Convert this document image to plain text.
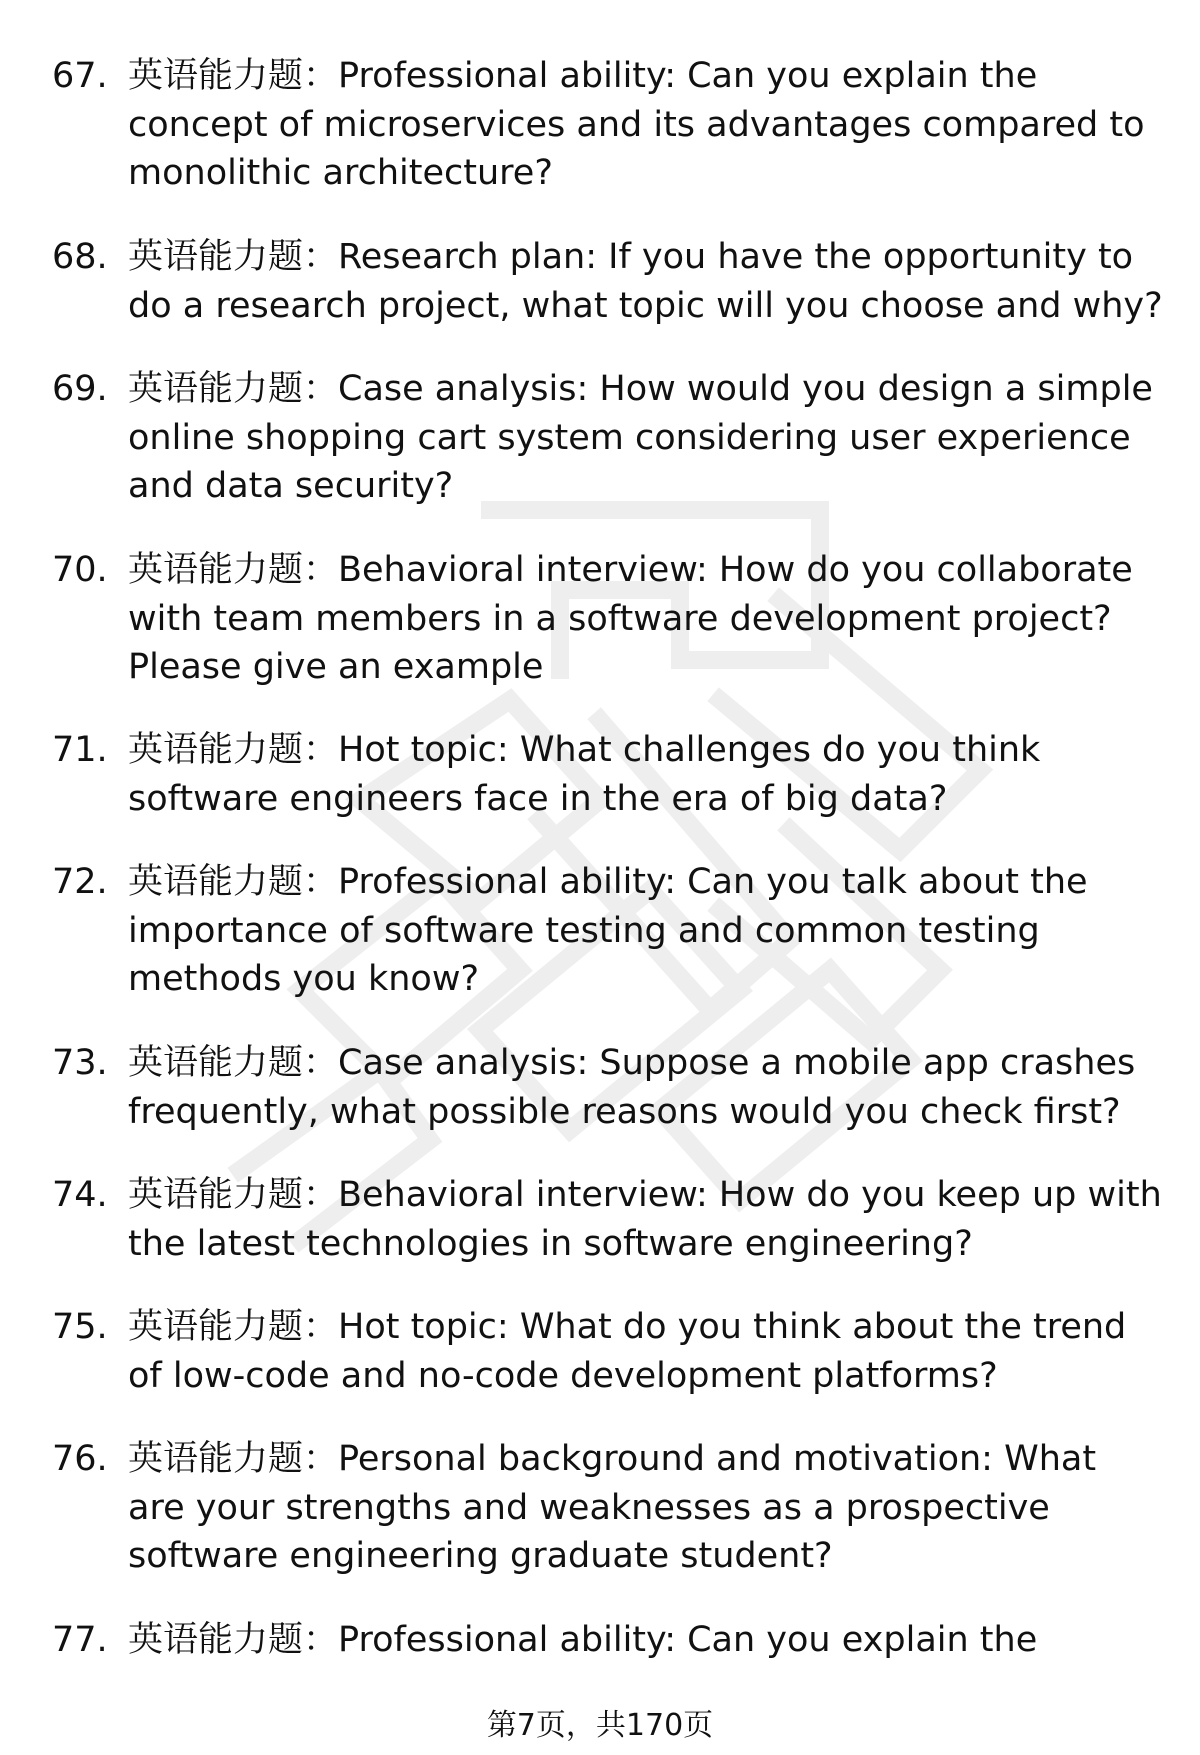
67. 英语能力题：Professional ability: Can you explain the
concept of microservices and its advantages compared to
monolithic architecture?
68. 英语能力题：Research plan: If you have the opportunity to
do a research project, what topic will you choose and why?
69. 英语能力题：Case analysis: How would you design a simple
online shopping cart system considering user experience
and data security?
70. 英语能力题：Behavioral interview: How do you collaborate
with team members in a software development project?
Please give an example
71. 英语能力题：Hot topic: What challenges do you think
software engineers face in the era of big data?
72. 英语能力题：Professional ability: Can you talk about the
importance of software testing and common testing
methods you know?
73. 英语能力题：Case analysis: Suppose a mobile app crashes
frequently, what possible reasons would you check first?
74. 英语能力题：Behavioral interview: How do you keep up with
the latest technologies in software engineering?
75. 英语能力题：Hot topic: What do you think about the trend
of low-code and no-code development platforms?
76. 英语能力题：Personal background and motivation: What
are your strengths and weaknesses as a prospective
software engineering graduate student?
77. 英语能力题：Professional ability: Can you explain the
第7页，共170页
